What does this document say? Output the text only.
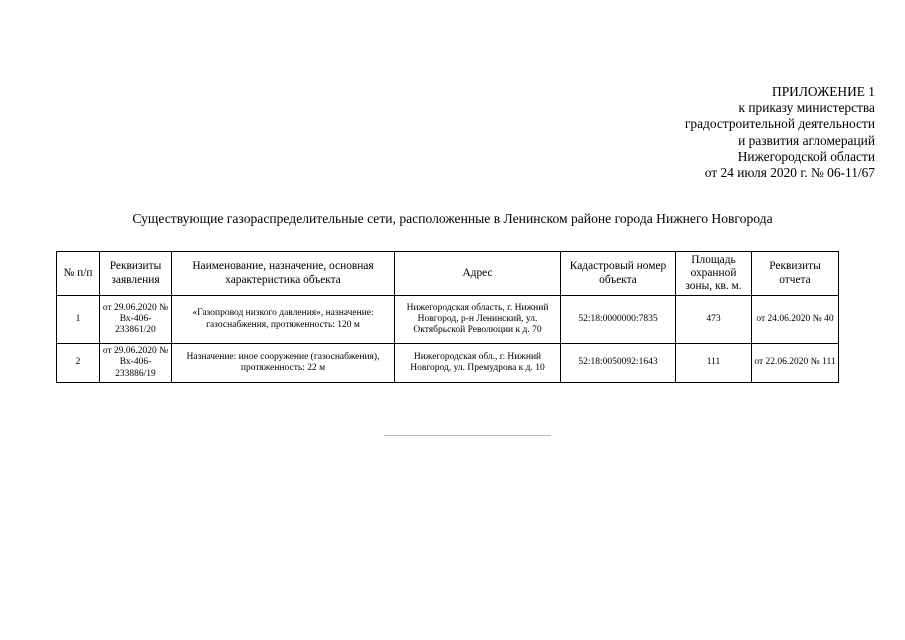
ПРИЛОЖЕНИЕ 1
к приказу министерства
градостроительной деятельности
и развития агломераций
Нижегородской области
от 24 июля 2020 г. № 06-11/67
Существующие газораспределительные сети, расположенные в Ленинском районе города Нижнего Новгорода
№ п/п	Реквизиты заявления	Наименование, назначение, основная характеристика объекта	Адрес	Кадастровый номер объекта	Площадь охранной зоны, кв. м.	Реквизиты отчета
1	от 29.06.2020 № Вх-406-233861/20	«Газопровод низкого давления», назначение: газоснабжения, протяженность: 120 м	Нижегородская область, г. Нижний Новгород, р-н Ленинский, ул. Октябрьской Революции к д. 70	52:18:0000000:7835	473	от 24.06.2020 № 40
2	от 29.06.2020 № Вх-406-233886/19	Назначение: иное сооружение (газоснабжения), протяженность: 22 м	Нижегородская обл., г. Нижний Новгород, ул. Премудрова к д. 10	52:18:0050092:1643	111	от 22.06.2020 № 111
